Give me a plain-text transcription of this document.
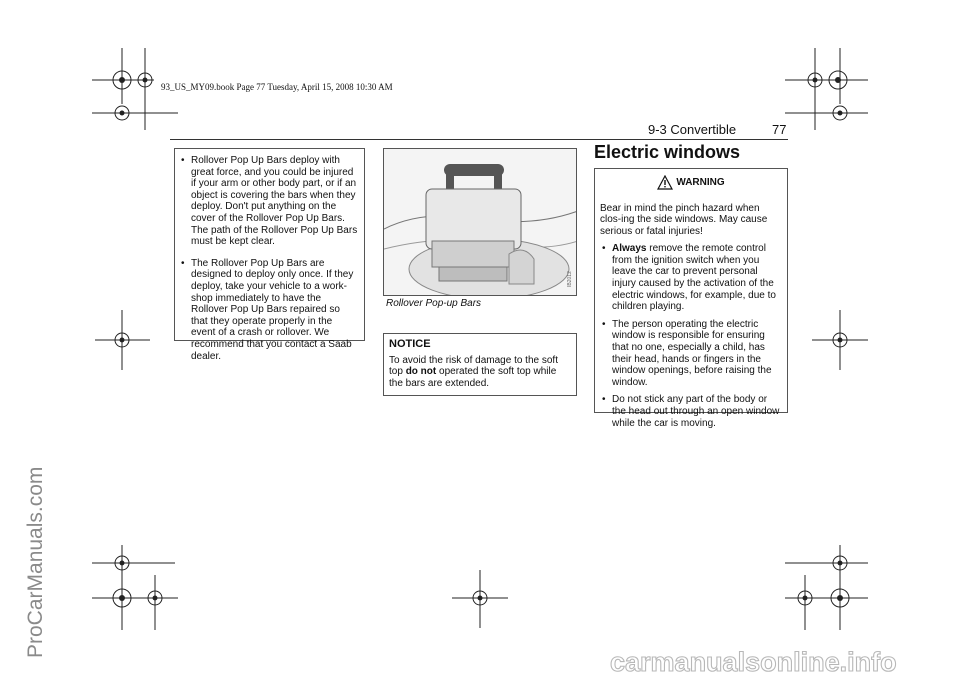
ProCarManuals.com
93_US_MY09.book Page 77 Tuesday, April 15, 2008 10:30 AM
9-3 Convertible	77
• Rollover Pop Up Bars deploy with great force, and you could be injured if your arm or other body part, or if an object is covering the bars when they deploy. Don't put anything on the cover of the Rollover Pop Up Bars. The path of the Rollover Pop Up Bars must be kept clear.
• The Rollover Pop Up Bars are designed to deploy only once. If they deploy, take your vehicle to a work-shop immediately to have the Rollover Pop Up Bars repaired so that they operate properly in the event of a crash or rollover. We recommend that you contact a Saab dealer.
IB2012
Rollover Pop-up Bars
NOTICE

To avoid the risk of damage to the soft top do not operated the soft top while the bars are extended.

Electric windows
WARNING

Bear in mind the pinch hazard when clos-ing the side windows. May cause serious or fatal injuries!

• Always remove the remote control from the ignition switch when you leave the car to prevent personal injury caused by the activation of the electric windows, for example, due to children playing.
• The person operating the electric window is responsible for ensuring that no one, especially a child, has their head, hands or fingers in the window openings, before raising the window.
• Do not stick any part of the body or the head out through an open window while the car is moving.
carmanualsonline.info
